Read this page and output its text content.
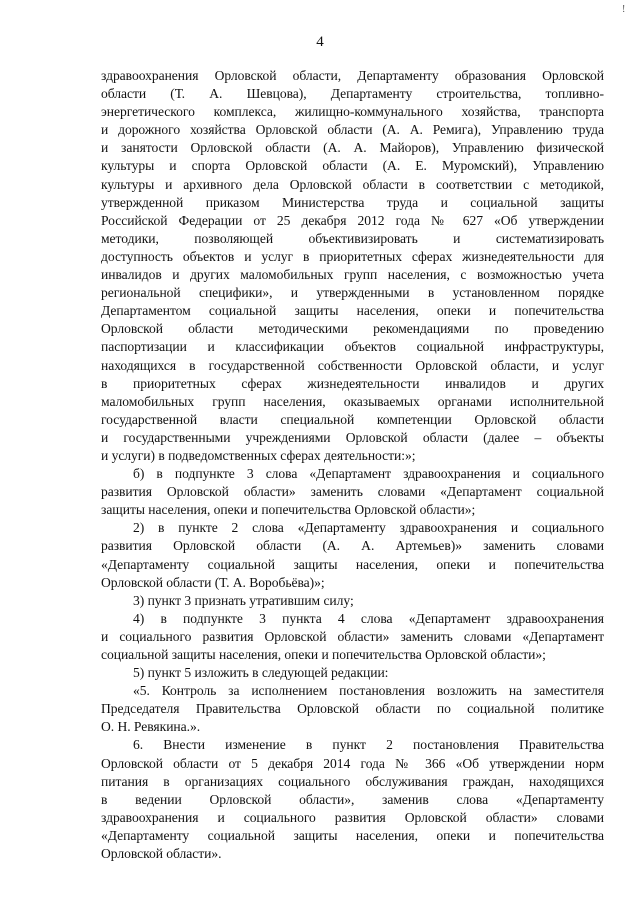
!
4
здравоохранения Орловской области, Департаменту образования Орловской
области (Т. А. Шевцова), Департаменту строительства, топливно-
энергетического комплекса, жилищно-коммунального хозяйства, транспорта
и дорожного хозяйства Орловской области (А. А. Ремига), Управлению труда
и занятости Орловской области (А. А. Майоров), Управлению физической
культуры и спорта Орловской области (А. Е. Муромский), Управлению
культуры и архивного дела Орловской области в соответствии с методикой,
утвержденной приказом Министерства труда и социальной защиты
Российской Федерации от 25 декабря 2012 года № 627 «Об утверждении
методики, позволяющей объективизировать и систематизировать
доступность объектов и услуг в приоритетных сферах жизнедеятельности для
инвалидов и других маломобильных групп населения, с возможностью учета
региональной специфики», и утвержденными в установленном порядке
Департаментом социальной защиты населения, опеки и попечительства
Орловской области методическими рекомендациями по проведению
паспортизации и классификации объектов социальной инфраструктуры,
находящихся в государственной собственности Орловской области, и услуг
в приоритетных сферах жизнедеятельности инвалидов и других
маломобильных групп населения, оказываемых органами исполнительной
государственной власти специальной компетенции Орловской области
и государственными учреждениями Орловской области (далее – объекты
и услуги) в подведомственных сферах деятельности:»;
б) в подпункте 3 слова «Департамент здравоохранения и социального
развития Орловской области» заменить словами «Департамент социальной
защиты населения, опеки и попечительства Орловской области»;
2) в пункте 2 слова «Департаменту здравоохранения и социального
развития Орловской области (А. А. Артемьев)» заменить словами
«Департаменту социальной защиты населения, опеки и попечительства
Орловской области (Т. А. Воробьёва)»;
3) пункт 3 признать утратившим силу;
4) в подпункте 3 пункта 4 слова «Департамент здравоохранения
и социального развития Орловской области» заменить словами «Департамент
социальной защиты населения, опеки и попечительства Орловской области»;
5) пункт 5 изложить в следующей редакции:
«5. Контроль за исполнением постановления возложить на заместителя
Председателя Правительства Орловской области по социальной политике
О. Н. Ревякина.».
6. Внести изменение в пункт 2 постановления Правительства
Орловской области от 5 декабря 2014 года № 366 «Об утверждении норм
питания в организациях социального обслуживания граждан, находящихся
в ведении Орловской области», заменив слова «Департаменту
здравоохранения и социального развития Орловской области» словами
«Департаменту социальной защиты населения, опеки и попечительства
Орловской области».
